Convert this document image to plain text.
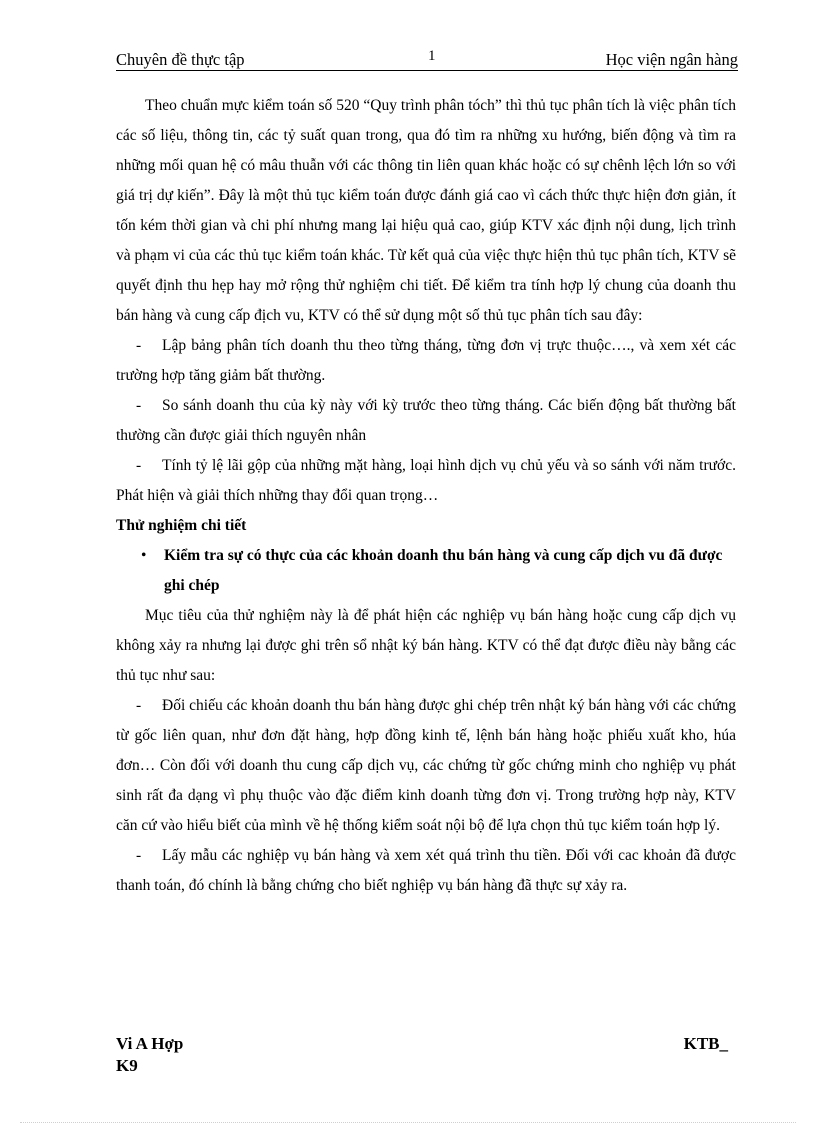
Chuyên đề thực tập	1	Học viện ngân hàng

Theo chuẩn mực kiểm toán số 520 “Quy trình phân tóch” thì thủ tục phân tích là việc phân tích các số liệu, thông tin, các tỷ suất quan trong, qua đó tìm ra những xu hướng, biến động và tìm ra những mối quan hệ có mâu thuẫn với các thông tin liên quan khác hoặc có sự chênh lệch lớn so với giá trị dự kiến”. Đây là một thủ tục kiểm toán được đánh giá cao vì cách thức thực hiện đơn giản, ít tốn kém thời gian và chi phí nhưng mang lại hiệu quả cao, giúp KTV xác định nội dung, lịch trình và phạm vi của các thủ tục kiểm toán khác. Từ kết quả của việc thực hiện thủ tục phân tích, KTV sẽ quyết định thu hẹp hay mở rộng thử nghiệm chi tiết. Để kiểm tra tính hợp lý chung của doanh thu bán hàng và cung cấp địch vu, KTV có thể sử dụng một số thủ tục phân tích sau đây:

- Lập bảng phân tích doanh thu theo từng tháng, từng đơn vị trực thuộc…., và xem xét các trường hợp tăng giảm bất thường.

- So sánh doanh thu của kỳ này với kỳ trước theo từng tháng. Các biến động bất thường bất thường cần được giải thích nguyên nhân

- Tính tỷ lệ lãi gộp của những mặt hàng, loại hình dịch vụ chủ yếu và so sánh với năm trước. Phát hiện và giải thích những thay đổi quan trọng…

Thử nghiệm chi tiết

• Kiểm tra sự có thực của các khoản doanh thu bán hàng và cung cấp dịch vu đã được ghi chép

Mục tiêu của thử nghiệm này là để phát hiện các nghiệp vụ bán hàng hoặc cung cấp dịch vụ không xảy ra nhưng lại được ghi trên sổ nhật ký bán hàng. KTV có thể đạt được điều này bằng các thủ tục như sau:

- Đối chiếu các khoản doanh thu bán hàng được ghi chép trên nhật ký bán hàng với các chứng từ gốc liên quan, như đơn đặt hàng, hợp đồng kinh tế, lệnh bán hàng hoặc phiếu xuất kho, húa đơn… Còn đối với doanh thu cung cấp dịch vụ, các chứng từ gốc chứng minh cho nghiệp vụ phát sinh rất đa dạng vì phụ thuộc vào đặc điểm kinh doanh từng đơn vị. Trong trường hợp này, KTV căn cứ vào hiểu biết của mình về hệ thống kiểm soát nội bộ để lựa chọn thủ tục kiểm toán hợp lý.

- Lấy mẫu các nghiệp vụ bán hàng và xem xét quá trình thu tiền. Đối với cac khoản đã được thanh toán, đó chính là bằng chứng cho biết nghiệp vụ bán hàng đã thực sự xảy ra.

Vi A Hợp	KTB_
K9
